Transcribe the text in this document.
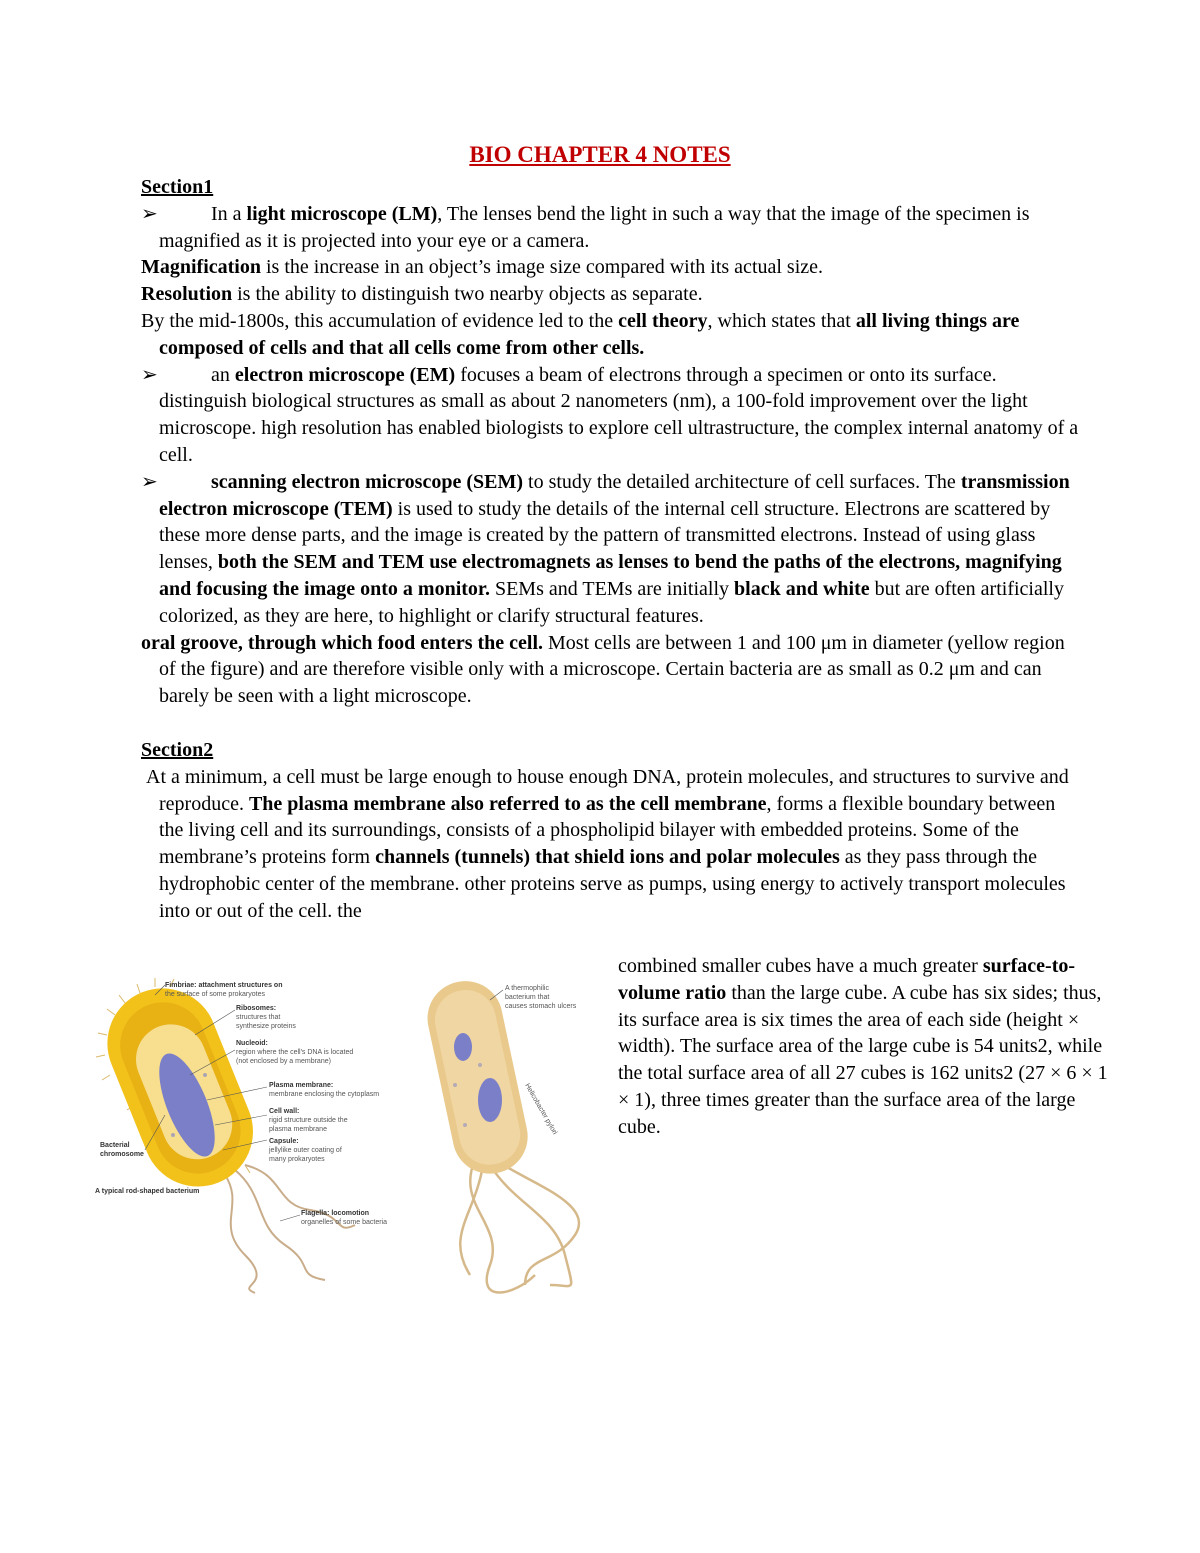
BIO CHAPTER 4 NOTES

Section1

➢	In a light microscope (LM), The lenses bend the light in such a way that the image of the specimen is magnified as it is projected into your eye or a camera.

Magnification is the increase in an object’s image size compared with its actual size.

Resolution is the ability to distinguish two nearby objects as separate.

By the mid-1800s, this accumulation of evidence led to the cell theory, which states that all living things are composed of cells and that all cells come from other cells.

➢	an electron microscope (EM) focuses a beam of electrons through a specimen or onto its surface. distinguish biological structures as small as about 2 nanometers (nm), a 100-fold improvement over the light microscope. high resolution has enabled biologists to explore cell ultrastructure, the complex internal anatomy of a cell.

➢	scanning electron microscope (SEM) to study the detailed architecture of cell surfaces. The transmission electron microscope (TEM) is used to study the details of the internal cell structure. Electrons are scattered by these more dense parts, and the image is created by the pattern of transmitted electrons. Instead of using glass lenses, both the SEM and TEM use electromagnets as lenses to bend the paths of the electrons, magnifying and focusing the image onto a monitor. SEMs and TEMs are initially black and white but are often artificially colorized, as they are here, to highlight or clarify structural features.

oral groove, through which food enters the cell. Most cells are between 1 and 100 μm in diameter (yellow region of the figure) and are therefore visible only with a microscope. Certain bacteria are as small as 0.2 μm and can barely be seen with a light microscope.

Section2

At a minimum, a cell must be large enough to house enough DNA, protein molecules, and structures to survive and reproduce. The plasma membrane also referred to as the cell membrane, forms a flexible boundary between the living cell and its surroundings, consists of a phospholipid bilayer with embedded proteins. Some of the membrane’s proteins form channels (tunnels) that shield ions and polar molecules as they pass through the hydrophobic center of the membrane. other proteins serve as pumps, using energy to actively transport molecules into or out of the cell. the

combined smaller cubes have a much greater surface-to-volume ratio than the large cube. A cube has six sides; thus, its surface area is six times the area of each side (height × width). The surface area of the large cube is 54 units2, while the total surface area of all 27 cubes is 162 units2 (27 × 6 × 1 × 1), three times greater than the surface area of the large cube.
Fimbriae: attachment structures on
the surface of some prokaryotes
Ribosomes:
structures that
synthesize proteins
Nucleoid:
region where the cell's DNA is located
(not enclosed by a membrane)
Plasma membrane:
membrane enclosing the cytoplasm
Cell wall:
rigid structure outside the
plasma membrane
Capsule:
jellylike outer coating of
many prokaryotes
Flagella: locomotion
organelles of some bacteria
Bacterial
chromosome
A typical rod-shaped bacterium
A thermophilic
bacterium that
causes stomach ulcers
Helicobacter pylori
